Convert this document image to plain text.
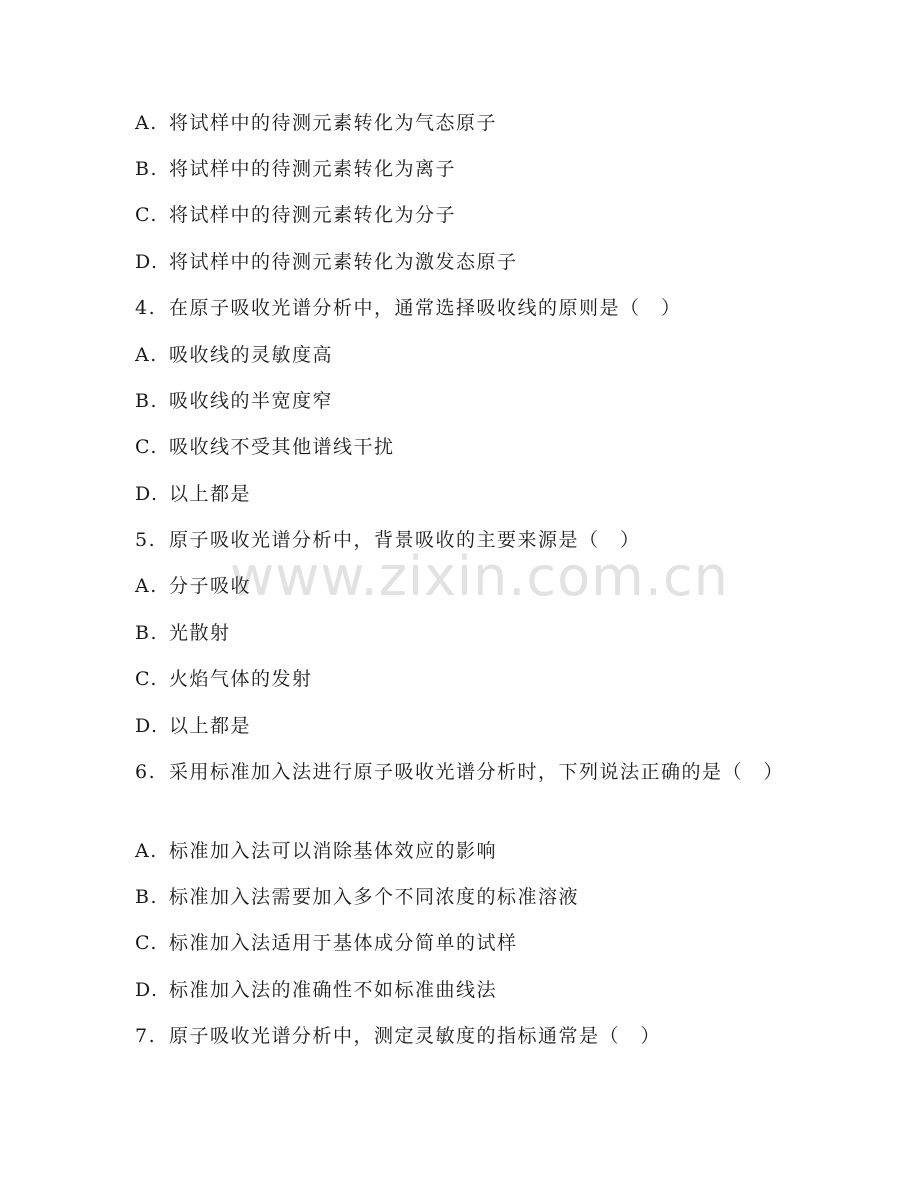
www.zixin.com.cn
A. 将试样中的待测元素转化为气态原子
B. 将试样中的待测元素转化为离子
C. 将试样中的待测元素转化为分子
D. 将试样中的待测元素转化为激发态原子
4. 在原子吸收光谱分析中，通常选择吸收线的原则是（　）
A. 吸收线的灵敏度高
B. 吸收线的半宽度窄
C. 吸收线不受其他谱线干扰
D. 以上都是
5. 原子吸收光谱分析中，背景吸收的主要来源是（　）
A. 分子吸收
B. 光散射
C. 火焰气体的发射
D. 以上都是
6. 采用标准加入法进行原子吸收光谱分析时，下列说法正确的是（　）
A. 标准加入法可以消除基体效应的影响
B. 标准加入法需要加入多个不同浓度的标准溶液
C. 标准加入法适用于基体成分简单的试样
D. 标准加入法的准确性不如标准曲线法
7. 原子吸收光谱分析中，测定灵敏度的指标通常是（　）
